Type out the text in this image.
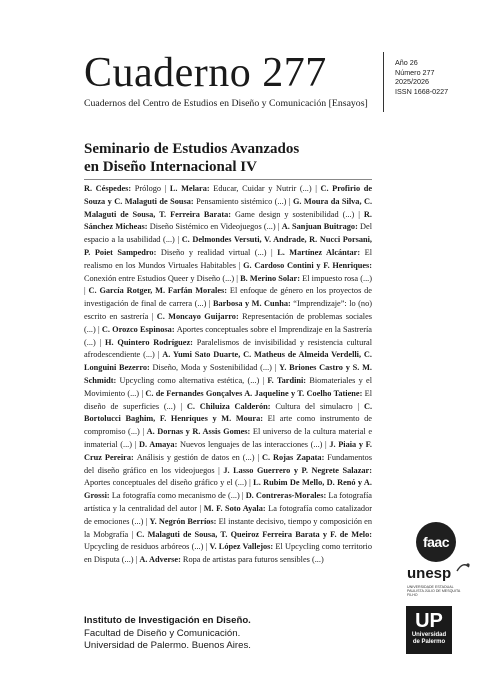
Cuaderno 277
Cuadernos del Centro de Estudios en Diseño y Comunicación [Ensayos]
Año 26
Número 277
2025/2026
ISSN 1668-0227
Seminario de Estudios Avanzados
en Diseño Internacional IV
R. Céspedes: Prólogo | L. Melara: Educar, Cuidar y Nutrir (...) | C. Profirio de Souza y C. Malaguti de Sousa: Pensamiento sistémico (...) | G. Moura da Silva, C. Malaguti de Sousa, T. Ferreira Barata: Game design y sostenibilidad (...) | R. Sánchez Micheas: Diseño Sistémico en Videojuegos (...) | A. Sanjuan Buitrago: Del espacio a la usabilidad (...) | C. Delmondes Versuti, V. Andrade, R. Nucci Porsani, P. Poiet Sampedro: Diseño y realidad virtual (...) | L. Martínez Alcántar: El realismo en los Mundos Virtuales Habitables | G. Cardoso Contini y F. Henriques: Conexión entre Estudios Queer y Diseño (...) | B. Merino Solar: El impuesto rosa (...) | C. García Rotger, M. Farfán Morales: El enfoque de género en los proyectos de investigación de final de carrera (...) | Barbosa y M. Cunha: “Imprendizaje”: lo (no) escrito en sastrería | C. Moncayo Guijarro: Representación de problemas sociales (...) | C. Orozco Espinosa: Aportes conceptuales sobre el Imprendizaje en la Sastrería (...) | H. Quintero Rodríguez: Paralelismos de invisibilidad y resistencia cultural afrodescendiente (...) | A. Yumi Sato Duarte, C. Matheus de Almeida Verdelli, C. Longuini Bezerro: Diseño, Moda y Sostenibilidad (...) | Y. Briones Castro y S. M. Schmidt: Upcycling como alternativa estética, (...) | F. Tardini: Biomateriales y el Movimiento (...) | C. de Fernandes Gonçalves A. Jaqueline y T. Coelho Tatiene: El diseño de superficies (...) | C. Chiluiza Calderón: Cultura del simulacro | C. Bortolucci Baghim, F. Henriques y M. Moura: El arte como instrumento de compromiso (...) | A. Dornas y R. Assis Gomes: El universo de la cultura material e inmaterial (...) | D. Amaya: Nuevos lenguajes de las interacciones (...) | J. Piaia y F. Cruz Pereira: Análisis y gestión de datos en (...) | C. Rojas Zapata: Fundamentos del diseño gráfico en los videojuegos | J. Lasso Guerrero y P. Negrete Salazar: Aportes conceptuales del diseño gráfico y el (...) | L. Rubim De Mello, D. Renó y A. Grossi: La fotografía como mecanismo de (...) | D. Contreras-Morales: La fotografía artística y la centralidad del autor | M. F. Soto Ayala: La fotografía como catalizador de emociones (...) | Y. Negrón Berríos: El instante decisivo, tiempo y composición en la Mobgrafía | C. Malaguti de Sousa, T. Queiroz Ferreira Barata y F. de Melo: Upcycling de residuos arbóreos (...) | V. López Vallejos: El Upcycling como territorio en Disputa (...) | A. Adverse: Ropa de artistas para futuros sensibles (...)
Instituto de Investigación en Diseño.
Facultad de Diseño y Comunicación.
Universidad de Palermo. Buenos Aires.
faac
unesp
UNIVERSIDADE ESTADUAL PAULISTA JÚLIO DE MESQUITA FILHO
UP
Universidad
de Palermo
